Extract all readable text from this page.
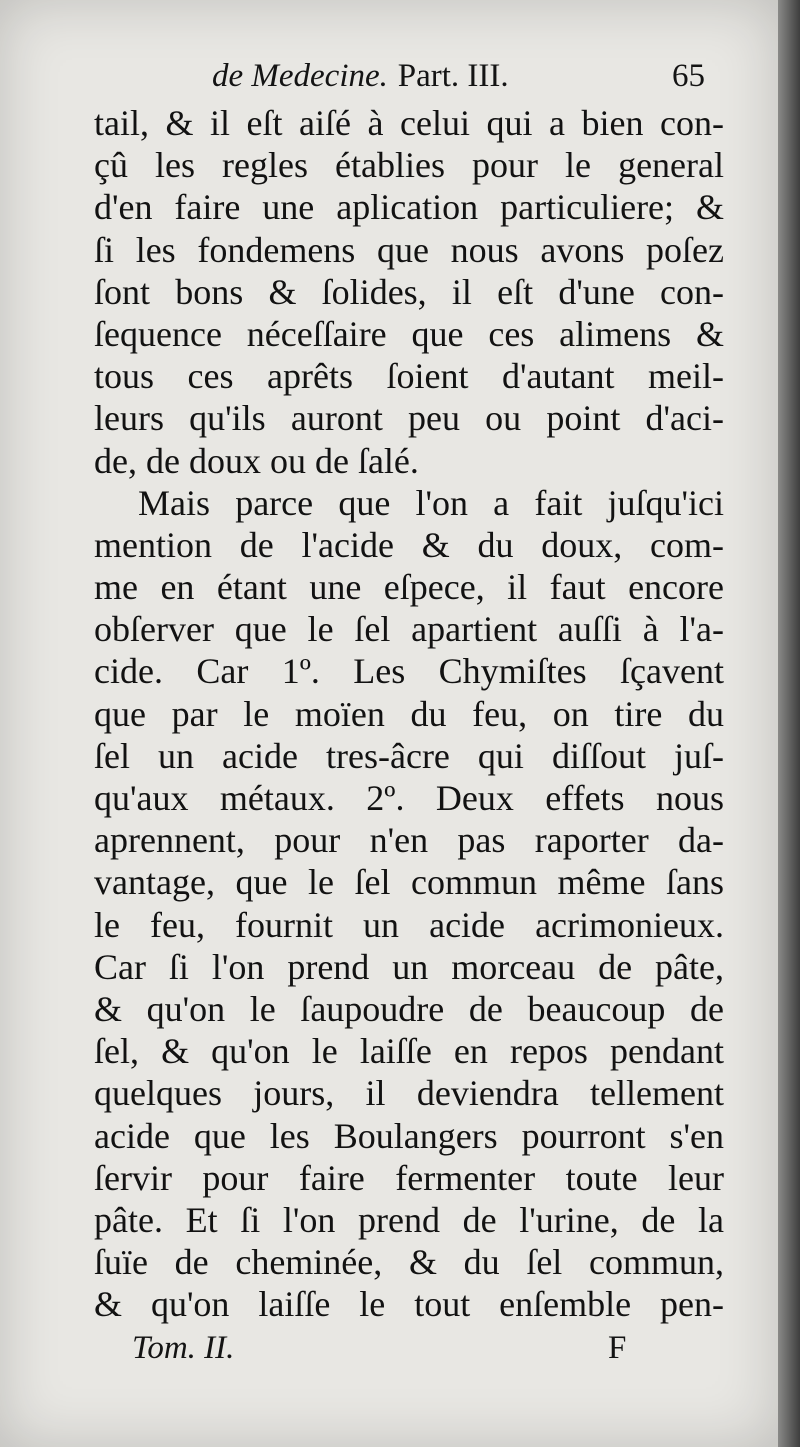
de Medecine. Part. III.	65
tail, & il eſt aiſé à celui qui a bien con-
çû les regles établies pour le general
d'en faire une aplication particuliere; &
ſi les fondemens que nous avons poſez
ſont bons & ſolides, il eſt d'une con-
ſequence néceſſaire que ces alimens &
tous ces aprêts ſoient d'autant meil-
leurs qu'ils auront peu ou point d'aci-
de, de doux ou de ſalé.
Mais parce que l'on a fait juſqu'ici
mention de l'acide & du doux, com-
me en étant une eſpece, il faut encore
obſerver que le ſel apartient auſſi à l'a-
cide. Car 1º. Les Chymiſtes ſçavent
que par le moïen du feu, on tire du
ſel un acide tres-âcre qui diſſout juſ-
qu'aux métaux. 2º. Deux effets nous
aprennent, pour n'en pas raporter da-
vantage, que le ſel commun même ſans
le feu, fournit un acide acrimonieux.
Car ſi l'on prend un morceau de pâte,
& qu'on le ſaupoudre de beaucoup de
ſel, & qu'on le laiſſe en repos pendant
quelques jours, il deviendra tellement
acide que les Boulangers pourront s'en
ſervir pour faire fermenter toute leur
pâte. Et ſi l'on prend de l'urine, de la
ſuïe de cheminée, & du ſel commun,
& qu'on laiſſe le tout enſemble pen-
Tom. II.	F
